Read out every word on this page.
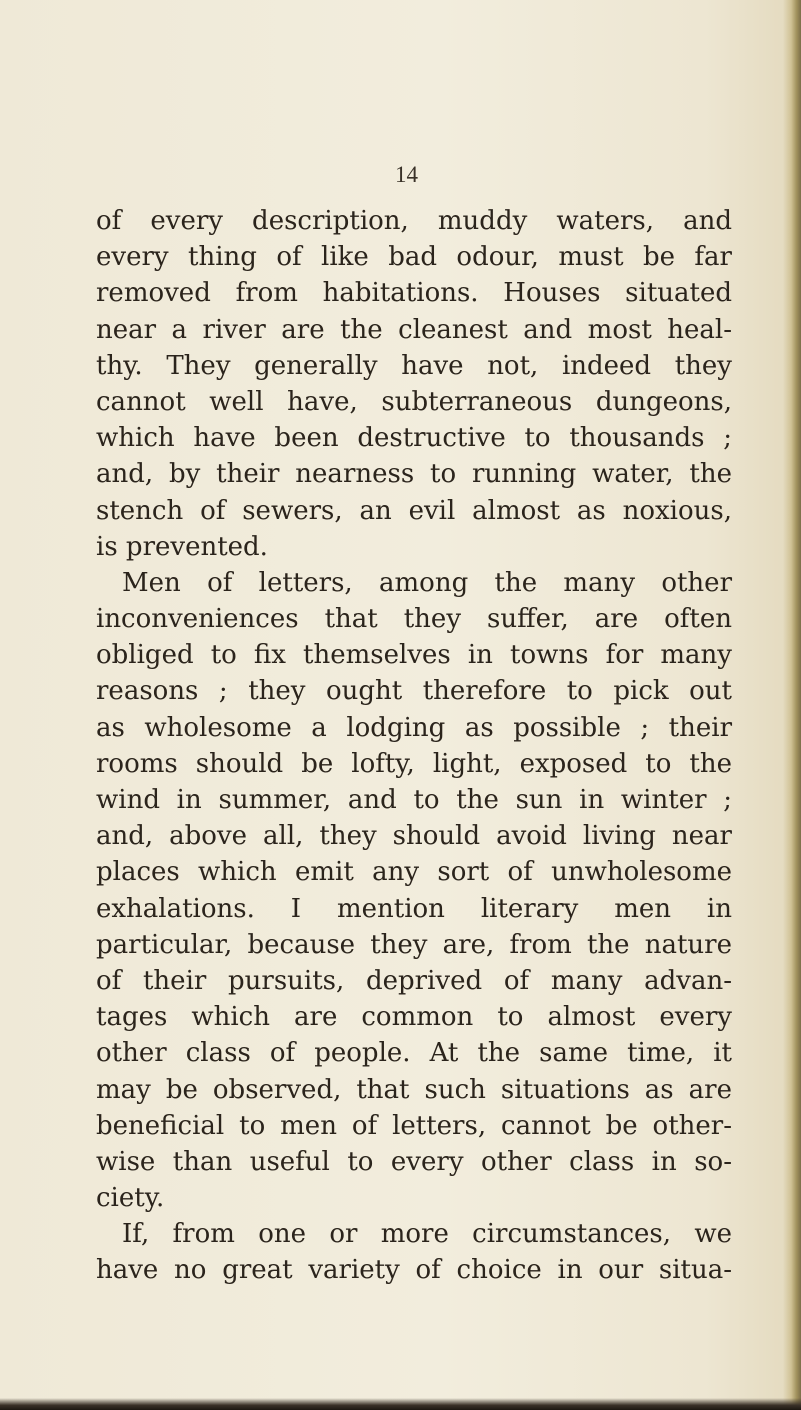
14
of every description, muddy waters, and
every thing of like bad odour, must be far
removed from habitations. Houses situated
near a river are the cleanest and most heal-
thy. They generally have not, indeed they
cannot well have, subterraneous dungeons,
which have been destructive to thousands ;
and, by their nearness to running water, the
stench of sewers, an evil almost as noxious,
is prevented.
Men of letters, among the many other
inconveniences that they suffer, are often
obliged to fix themselves in towns for many
reasons ; they ought therefore to pick out
as wholesome a lodging as possible ; their
rooms should be lofty, light, exposed to the
wind in summer, and to the sun in winter ;
and, above all, they should avoid living near
places which emit any sort of unwholesome
exhalations. I mention literary men in
particular, because they are, from the nature
of their pursuits, deprived of many advan-
tages which are common to almost every
other class of people. At the same time, it
may be observed, that such situations as are
beneficial to men of letters, cannot be other-
wise than useful to every other class in so-
ciety.
If, from one or more circumstances, we
have no great variety of choice in our situa-
